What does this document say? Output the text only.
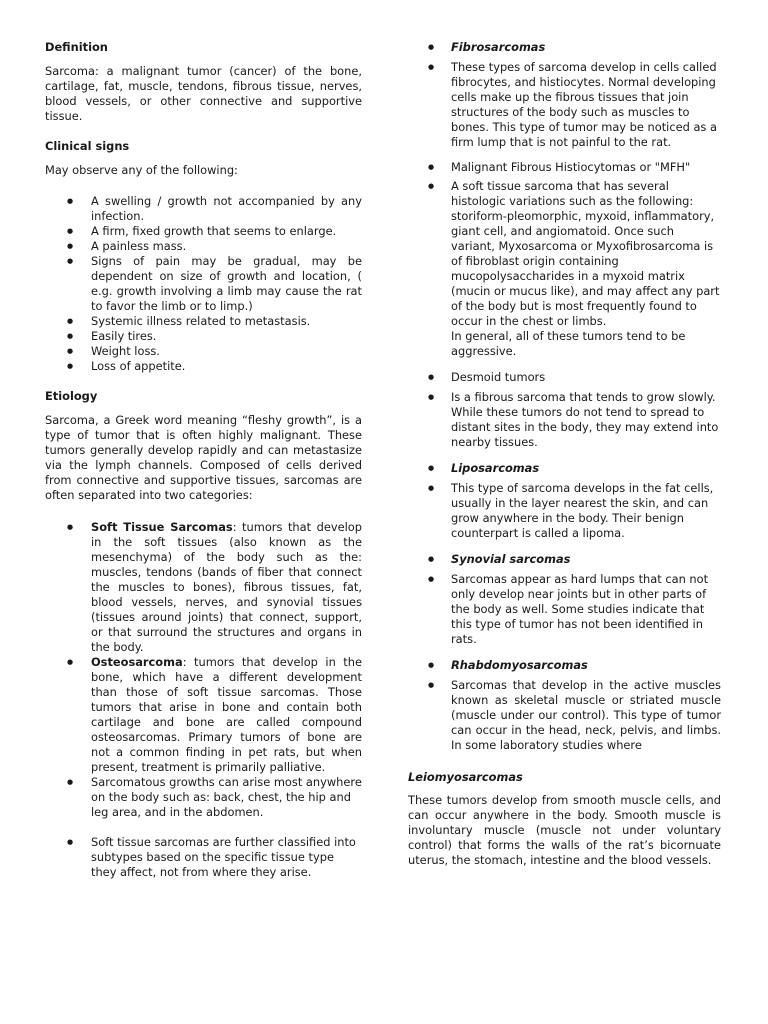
Definition

Sarcoma: a malignant tumor (cancer) of the bone, cartilage, fat, muscle, tendons, fibrous tissue, nerves, blood vessels, or other connective and supportive tissue.

Clinical signs

May observe any of the following:

● A swelling / growth not accompanied by any infection.
● A firm, fixed growth that seems to enlarge.
● A painless mass.
● Signs of pain may be gradual, may be dependent on size of growth and location, ( e.g. growth involving a limb may cause the rat to favor the limb or to limp.)
● Systemic illness related to metastasis.
● Easily tires.
● Weight loss.
● Loss of appetite.
Etiology

Sarcoma, a Greek word meaning “fleshy growth”, is a type of tumor that is often highly malignant. These tumors generally develop rapidly and can metastasize via the lymph channels. Composed of cells derived from connective and supportive tissues, sarcomas are often separated into two categories:

● Soft Tissue Sarcomas: tumors that develop in the soft tissues (also known as the mesenchyma) of the body such as the: muscles, tendons (bands of fiber that connect the muscles to bones), fibrous tissues, fat, blood vessels, nerves, and synovial tissues (tissues around joints) that connect, support, or that surround the structures and organs in the body.
● Osteosarcoma: tumors that develop in the bone, which have a different development than those of soft tissue sarcomas. Those tumors that arise in bone and contain both cartilage and bone are called compound osteosarcomas. Primary tumors of bone are not a common finding in pet rats, but when present, treatment is primarily palliative.
● Sarcomatous growths can arise most anywhere on the body such as: back, chest, the hip and leg area, and in the abdomen.
● Soft tissue sarcomas are further classified into subtypes based on the specific tissue type they affect, not from where they arise.
● Fibrosarcomas
● These types of sarcoma develop in cells called fibrocytes, and histiocytes. Normal developing cells make up the fibrous tissues that join structures of the body such as muscles to bones. This type of tumor may be noticed as a firm lump that is not painful to the rat.
● Malignant Fibrous Histiocytomas or "MFH"
● A soft tissue sarcoma that has several histologic variations such as the following: storiform-pleomorphic, myxoid, inflammatory, giant cell, and angiomatoid. Once such variant, Myxosarcoma or Myxofibrosarcoma is of fibroblast origin containing mucopolysaccharides in a myxoid matrix (mucin or mucus like), and may affect any part of the body but is most frequently found to occur in the chest or limbs.
In general, all of these tumors tend to be aggressive.
● Desmoid tumors
● Is a fibrous sarcoma that tends to grow slowly. While these tumors do not tend to spread to distant sites in the body, they may extend into nearby tissues.
● Liposarcomas
● This type of sarcoma develops in the fat cells, usually in the layer nearest the skin, and can grow anywhere in the body. Their benign counterpart is called a lipoma.
● Synovial sarcomas
● Sarcomas appear as hard lumps that can not only develop near joints but in other parts of the body as well. Some studies indicate that this type of tumor has not been identified in rats.
● Rhabdomyosarcomas
● Sarcomas that develop in the active muscles known as skeletal muscle or striated muscle (muscle under our control). This type of tumor can occur in the head, neck, pelvis, and limbs. In some laboratory studies where
Leiomyosarcomas

These tumors develop from smooth muscle cells, and can occur anywhere in the body. Smooth muscle is involuntary muscle (muscle not under voluntary control) that forms the walls of the rat’s bicornuate uterus, the stomach, intestine and the blood vessels.
